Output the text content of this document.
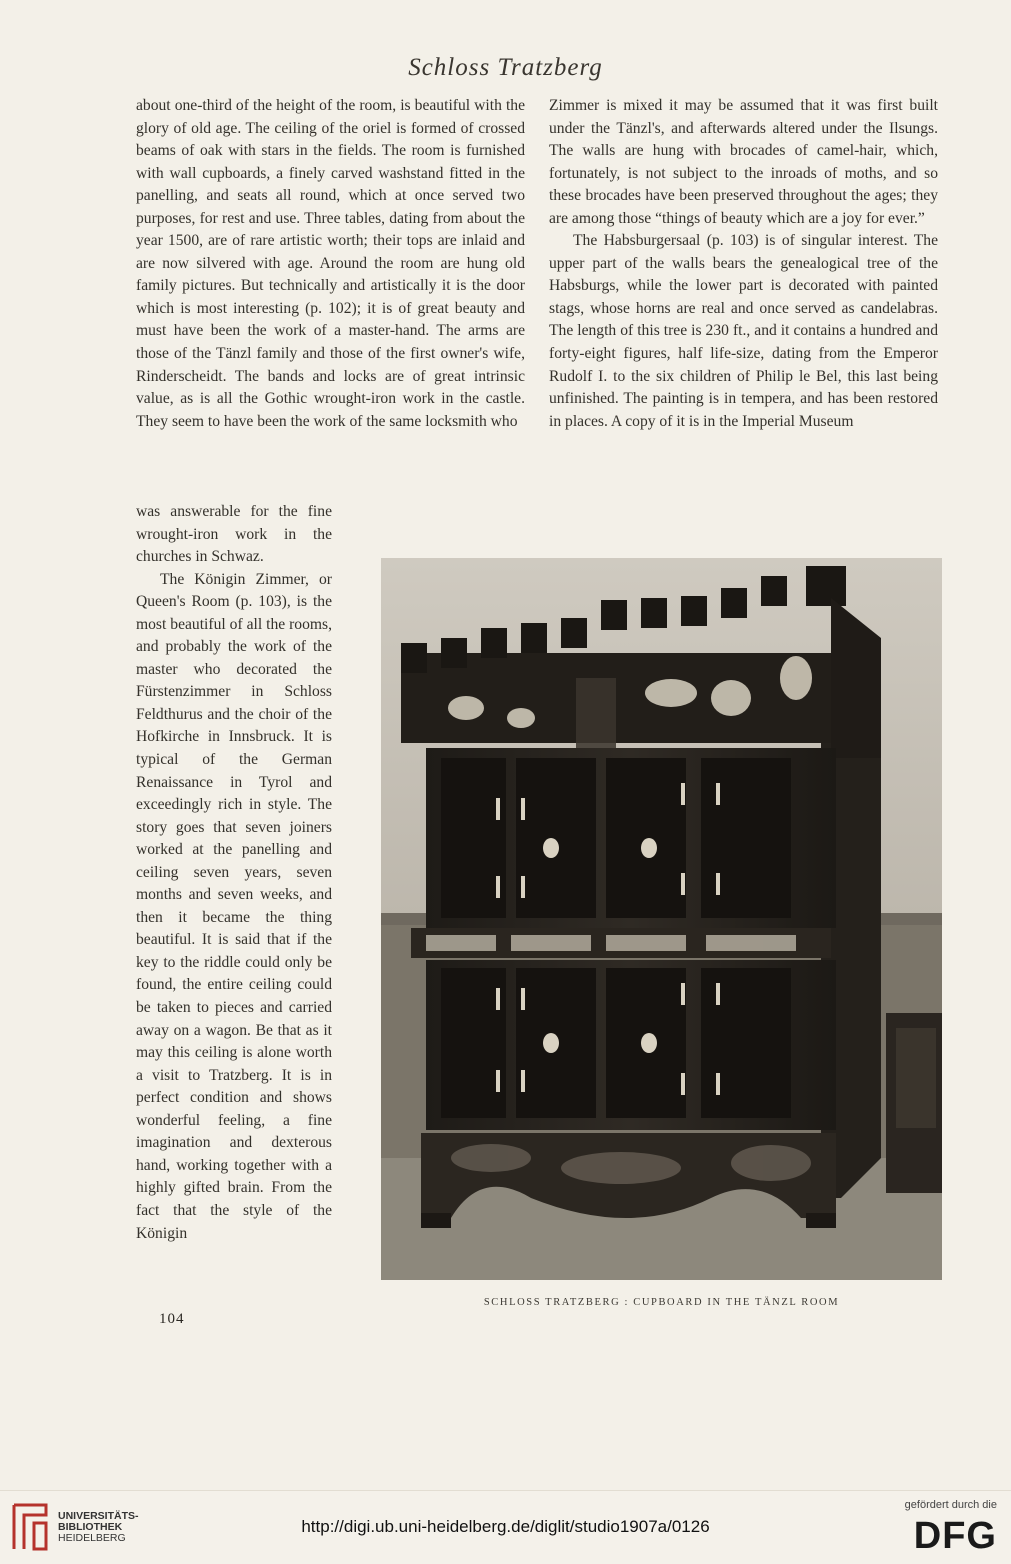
Schloss Tratzberg

about one-third of the height of the room, is beautiful with the glory of old age. The ceiling of the oriel is formed of crossed beams of oak with stars in the fields. The room is furnished with wall cupboards, a finely carved washstand fitted in the panelling, and seats all round, which at once served two purposes, for rest and use. Three tables, dating from about the year 1500, are of rare artistic worth; their tops are inlaid and are now silvered with age. Around the room are hung old family pictures. But technically and artistically it is the door which is most interesting (p. 102); it is of great beauty and must have been the work of a master-hand. The arms are those of the Tänzl family and those of the first owner's wife, Rinderscheidt. The bands and locks are of great intrinsic value, as is all the Gothic wrought-iron work in the castle. They seem to have been the work of the same locksmith who

was answerable for the fine wrought-iron work in the churches in Schwaz.

The Königin Zimmer, or Queen's Room (p. 103), is the most beautiful of all the rooms, and probably the work of the master who decorated the Fürstenzimmer in Schloss Feldthurus and the choir of the Hofkirche in Innsbruck. It is typical of the German Renaissance in Tyrol and exceedingly rich in style. The story goes that seven joiners worked at the panelling and ceiling seven years, seven months and seven weeks, and then it became the thing beautiful. It is said that if the key to the riddle could only be found, the entire ceiling could be taken to pieces and carried away on a wagon. Be that as it may this ceiling is alone worth a visit to Tratzberg. It is in perfect condition and shows wonderful feeling, a fine imagination and dexterous hand, working together with a highly gifted brain. From the fact that the style of the Königin

Zimmer is mixed it may be assumed that it was first built under the Tänzl's, and afterwards altered under the Ilsungs. The walls are hung with brocades of camel-hair, which, fortunately, is not subject to the inroads of moths, and so these brocades have been preserved throughout the ages; they are among those “things of beauty which are a joy for ever.”

The Habsburgersaal (p. 103) is of singular interest. The upper part of the walls bears the genealogical tree of the Habsburgs, while the lower part is decorated with painted stags, whose horns are real and once served as candelabras. The length of this tree is 230 ft., and it contains a hundred and forty-eight figures, half life-size, dating from the Emperor Rudolf I. to the six children of Philip le Bel, this last being unfinished. The painting is in tempera, and has been restored in places. A copy of it is in the Imperial Museum

SCHLOSS TRATZBERG : CUPBOARD IN THE TÄNZL ROOM
104
UNIVERSITÄTS-
BIBLIOTHEK
HEIDELBERG
http://digi.ub.uni-heidelberg.de/diglit/studio1907a/0126
gefördert durch die
DFG
